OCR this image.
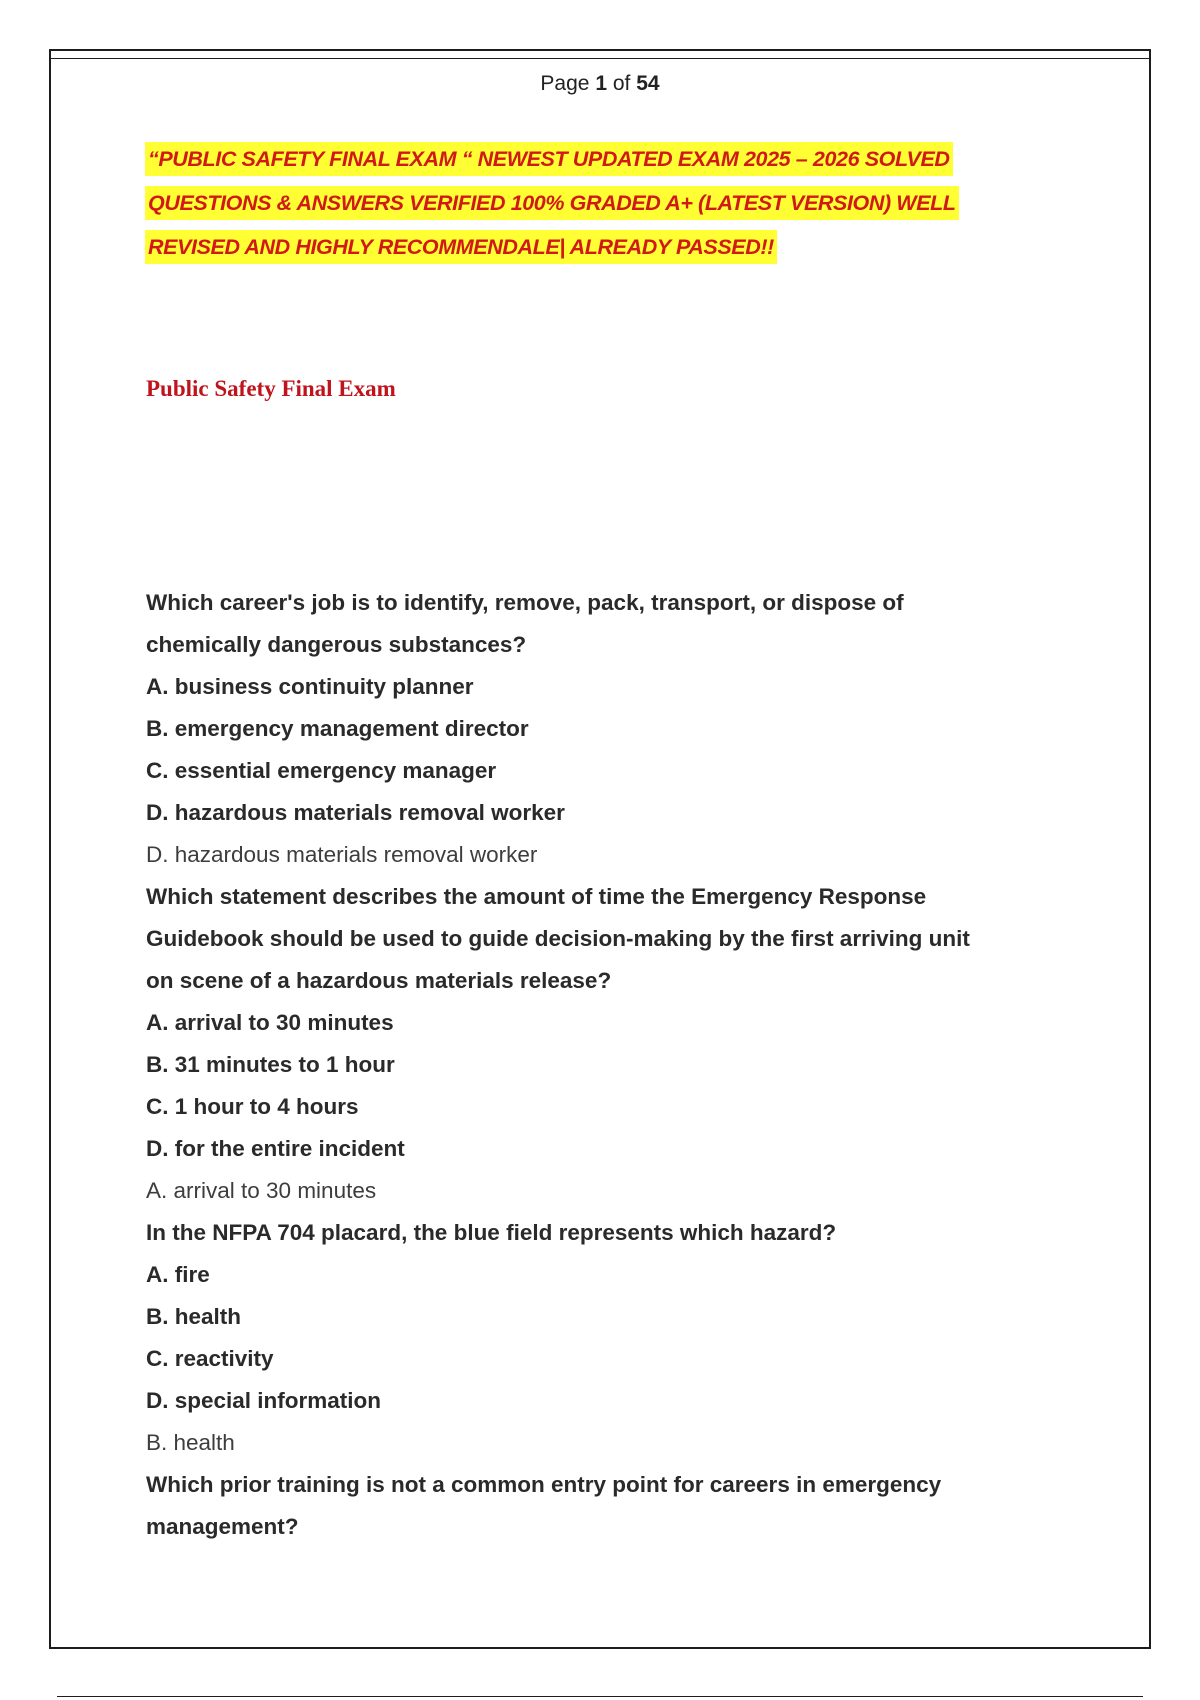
Page 1 of 54
“PUBLIC SAFETY FINAL EXAM “ NEWEST UPDATED EXAM 2025 – 2026 SOLVED
QUESTIONS & ANSWERS VERIFIED 100% GRADED A+ (LATEST VERSION) WELL
REVISED AND HIGHLY RECOMMENDALE| ALREADY PASSED!!
Public Safety Final Exam
Which career's job is to identify, remove, pack, transport, or dispose of
chemically dangerous substances?
A. business continuity planner
B. emergency management director
C. essential emergency manager
D. hazardous materials removal worker
D. hazardous materials removal worker
Which statement describes the amount of time the Emergency Response
Guidebook should be used to guide decision-making by the first arriving unit
on scene of a hazardous materials release?
A. arrival to 30 minutes
B. 31 minutes to 1 hour
C. 1 hour to 4 hours
D. for the entire incident
A. arrival to 30 minutes
In the NFPA 704 placard, the blue field represents which hazard?
A. fire
B. health
C. reactivity
D. special information
B. health
Which prior training is not a common entry point for careers in emergency
management?
